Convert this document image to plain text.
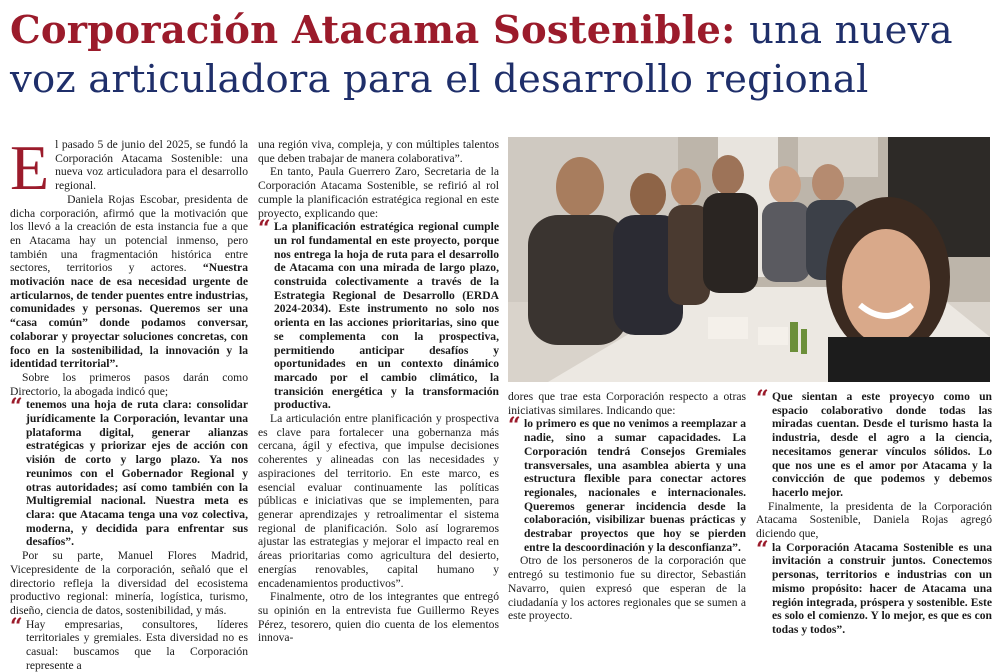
Corporación Atacama Sostenible: una nueva voz articuladora para el desarrollo regional

El pasado 5 de junio del 2025, se fundó la Corporación Atacama Sostenible: una nueva voz articuladora para el desarrollo regional.

Daniela Rojas Escobar, presidenta de dicha corporación, afirmó que la motivación que los llevó a la creación de esta instancia fue a que en Atacama hay un potencial inmenso, pero también una fragmentación histórica entre sectores, territorios y actores. “Nuestra motivación nace de esa necesidad urgente de articularnos, de tender puentes entre industrias, comunidades y personas. Queremos ser una “casa común” donde podamos conversar, colaborar y proyectar soluciones concretas, con foco en la sostenibilidad, la innovación y la identidad territorial”.

Sobre los primeros pasos darán como Directorio, la abogada indicó que;

“ tenemos una hoja de ruta clara: consolidar jurídicamente la Corporación, levantar una plataforma digital, generar alianzas estratégicas y priorizar ejes de acción con visión de corto y largo plazo. Ya nos reunimos con el Gobernador Regional y otras autoridades; así como también con la Multigremial nacional. Nuestra meta es clara: que Atacama tenga una voz colectiva, moderna, y decidida para enfrentar sus desafíos”.

Por su parte, Manuel Flores Madrid, Vicepresidente de la corporación, señaló que el directorio refleja la diversidad del ecosistema productivo regional: minería, logística, turismo, diseño, ciencia de datos, sostenibilidad, y más.

“ Hay empresarias, consultores, líderes territoriales y gremiales. Esta diversidad no es casual: buscamos que la Corporación represente a

una región viva, compleja, y con múltiples talentos que deben trabajar de manera colaborativa”.

En tanto, Paula Guerrero Zaro, Secretaria de la Corporación Atacama Sostenible, se refirió al rol cumple la planificación estratégica regional en este proyecto, explicando que:

“ La planificación estratégica regional cumple un rol fundamental en este proyecto, porque nos entrega la hoja de ruta para el desarrollo de Atacama con una mirada de largo plazo, construida colectivamente a través de la Estrategia Regional de Desarrollo (ERDA 2024-2034). Este instrumento no solo nos orienta en las acciones prioritarias, sino que se complementa con la prospectiva, permitiendo anticipar desafíos y oportunidades en un contexto dinámico marcado por el cambio climático, la transición energética y la transformación productiva.

La articulación entre planificación y prospectiva es clave para fortalecer una gobernanza más cercana, ágil y efectiva, que impulse decisiones coherentes y alineadas con las necesidades y aspiraciones del territorio. En este marco, es esencial evaluar continuamente las políticas públicas e iniciativas que se implementen, para generar aprendizajes y retroalimentar el sistema regional de planificación. Solo así lograremos ajustar las estrategias y mejorar el impacto real en áreas prioritarias como agricultura del desierto, energías renovables, capital humano y encadenamientos productivos”.

Finalmente, otro de los integrantes que entregó su opinión en la entrevista fue Guillermo Reyes Pérez, tesorero, quien dio cuenta de los elementos innova-

dores que trae esta Corporación respecto a otras iniciativas similares. Indicando que:

“ lo primero es que no venimos a reemplazar a nadie, sino a sumar capacidades. La Corporación tendrá Consejos Gremiales transversales, una asamblea abierta y una estructura flexible para conectar actores regionales, nacionales e internacionales. Queremos generar incidencia desde la colaboración, visibilizar buenas prácticas y destrabar proyectos que hoy se pierden entre la descoordinación y la desconfianza”.

Otro de los personeros de la corporación que entregó su testimonio fue su director, Sebastián Navarro, quien expresó que esperan de la ciudadanía y los actores regionales que se sumen a este proyecto.

“ Que sientan a este proyecyo como un espacio colaborativo donde todas las miradas cuentan. Desde el turismo hasta la industria, desde el agro a la ciencia, necesitamos generar vínculos sólidos. Lo que nos une es el amor por Atacama y la convicción de que podemos y debemos hacerlo mejor.

Finalmente, la presidenta de la Corporación Atacama Sostenible, Daniela Rojas agregó diciendo que,

“ la Corporación Atacama Sostenible es una invitación a construir juntos. Conectemos personas, territorios e industrias con un mismo propósito: hacer de Atacama una región integrada, próspera y sostenible. Este es solo el comienzo. Y lo mejor, es que es con todas y todos”.
